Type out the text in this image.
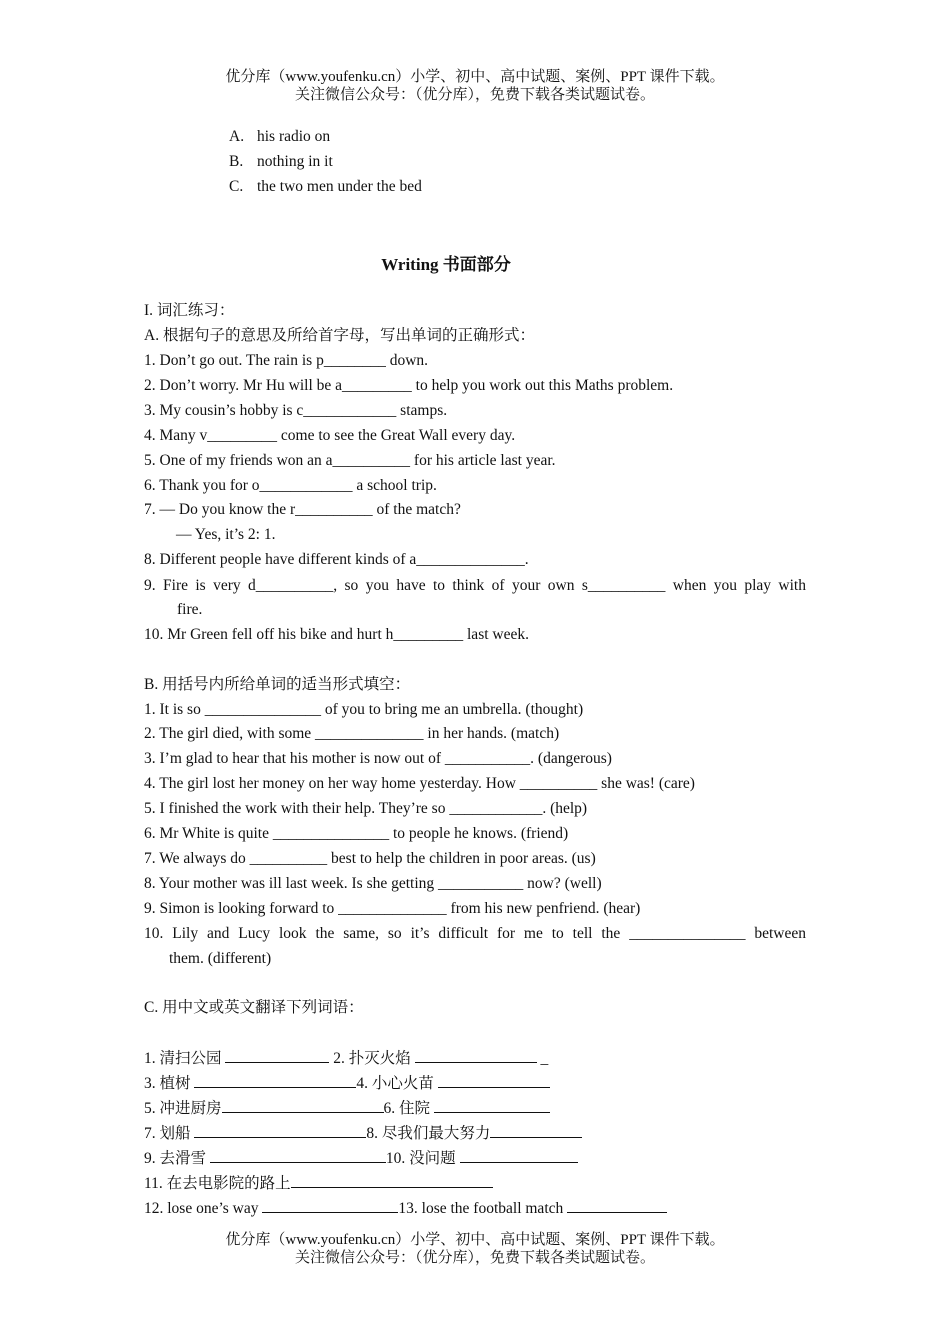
优分库（www.youfenku.cn）小学、初中、高中试题、案例、PPT 课件下载。
关注微信公众号：（优分库），免费下载各类试题试卷。
A. his radio on
B. nothing in it
C. the two men under the bed
Writing 书面部分
I. 词汇练习：
A. 根据句子的意思及所给首字母，写出单词的正确形式：
1. Don’t go out. The rain is p________ down.
2. Don’t worry. Mr Hu will be a_________ to help you work out this Maths problem.
3. My cousin’s hobby is c____________ stamps.
4. Many v_________ come to see the Great Wall every day.
5. One of my friends won an a__________ for his article last year.
6. Thank you for o____________ a school trip.
7. — Do you know the r__________ of the match?
— Yes, it’s 2: 1.
8. Different people have different kinds of a______________.
9. Fire is very d__________, so you have to think of your own s__________ when you play with
fire.
10. Mr Green fell off his bike and hurt h_________ last week.
B. 用括号内所给单词的适当形式填空：
1. It is so _______________ of you to bring me an umbrella. (thought)
2. The girl died, with some ______________ in her hands. (match)
3. I’m glad to hear that his mother is now out of ___________. (dangerous)
4. The girl lost her money on her way home yesterday. How __________ she was! (care)
5. I finished the work with their help. They’re so ____________. (help)
6. Mr White is quite _______________ to people he knows. (friend)
7. We always do __________ best to help the children in poor areas. (us)
8. Your mother was ill last week. Is she getting ___________ now? (well)
9. Simon is looking forward to ______________ from his new penfriend. (hear)
10. Lily and Lucy look the same, so it’s difficult for me to tell the _______________ between
them. (different)
C. 用中文或英文翻译下列词语：
1. 清扫公园	2. 扑灭火焰	_
3. 植树	4. 小心火苗
5. 冲进厨房	6. 住院
7. 划船	8. 尽我们最大努力
9. 去滑雪	10. 没问题
11. 在去电影院的路上
12. lose one’s way	13. lose the football match
优分库（www.youfenku.cn）小学、初中、高中试题、案例、PPT 课件下载。
关注微信公众号：（优分库），免费下载各类试题试卷。
